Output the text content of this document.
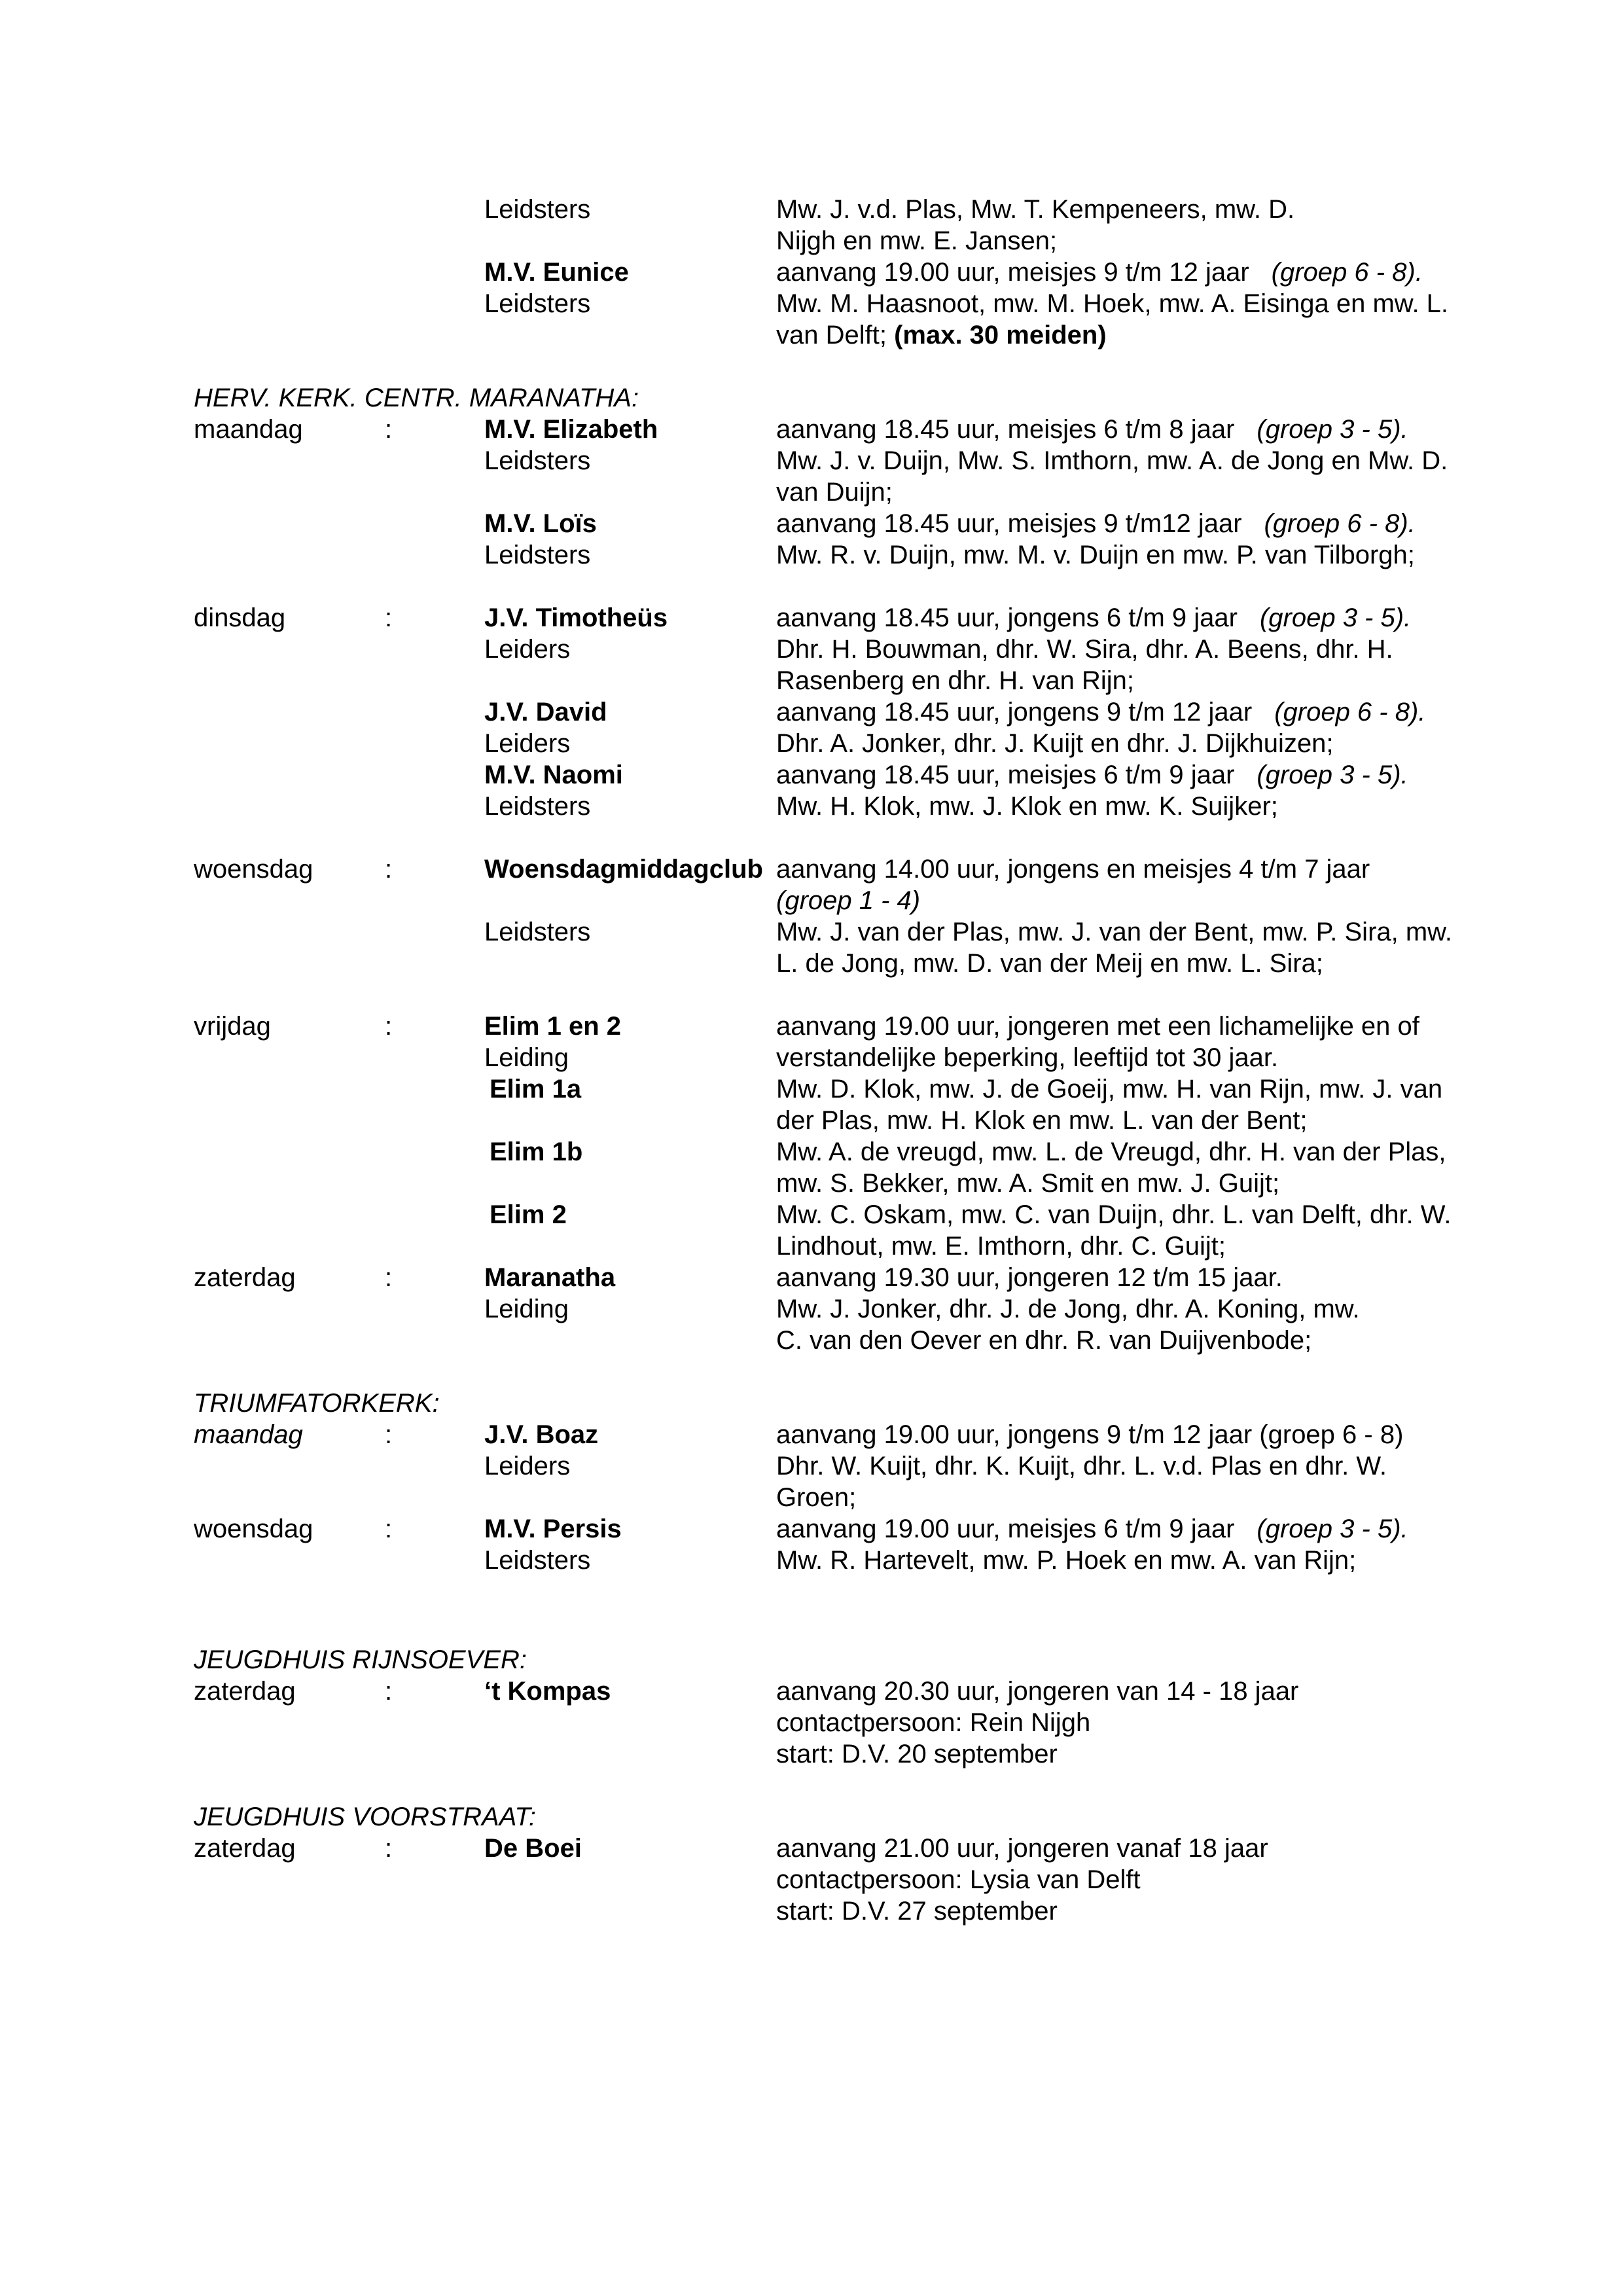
Leidsters	Mw. J. v.d. Plas, Mw. T. Kempeneers, mw. D.
Nijgh en mw. E. Jansen;
M.V. Eunice	aanvang 19.00 uur, meisjes 9 t/m 12 jaar (groep 6 - 8).
Leidsters	Mw. M. Haasnoot, mw. M. Hoek, mw. A. Eisinga en mw. L.
van Delft; (max. 30 meiden)
HERV. KERK. CENTR. MARANATHA:
maandag	:	M.V. Elizabeth	aanvang 18.45 uur, meisjes 6 t/m 8 jaar (groep 3 - 5).
Leidsters	Mw. J. v. Duijn, Mw. S. Imthorn, mw. A. de Jong en Mw. D.
van Duijn;
M.V. Loïs	aanvang 18.45 uur, meisjes 9 t/m12 jaar (groep 6 - 8).
Leidsters	Mw. R. v. Duijn, mw. M. v. Duijn en mw. P. van Tilborgh;
dinsdag	:	J.V. Timotheüs	aanvang 18.45 uur, jongens 6 t/m 9 jaar (groep 3 - 5).
Leiders	Dhr. H. Bouwman, dhr. W. Sira, dhr. A. Beens, dhr. H.
Rasenberg en dhr. H. van Rijn;
J.V. David	aanvang 18.45 uur, jongens 9 t/m 12 jaar (groep 6 - 8).
Leiders	Dhr. A. Jonker, dhr. J. Kuijt en dhr. J. Dijkhuizen;
M.V. Naomi	aanvang 18.45 uur, meisjes 6 t/m 9 jaar (groep 3 - 5).
Leidsters	Mw. H. Klok, mw. J. Klok en mw. K. Suijker;
woensdag	:	Woensdagmiddagclub aanvang 14.00 uur, jongens en meisjes 4 t/m 7 jaar
(groep 1 - 4)
Leidsters	Mw. J. van der Plas, mw. J. van der Bent, mw. P. Sira, mw.
L. de Jong, mw. D. van der Meij en mw. L. Sira;
vrijdag	:	Elim 1 en 2	aanvang 19.00 uur, jongeren met een lichamelijke en of
Leiding	verstandelijke beperking, leeftijd tot 30 jaar.
Elim 1a	Mw. D. Klok, mw. J. de Goeij, mw. H. van Rijn, mw. J. van
der Plas, mw. H. Klok en mw. L. van der Bent;
Elim 1b	Mw. A. de vreugd, mw. L. de Vreugd, dhr. H. van der Plas,
mw. S. Bekker, mw. A. Smit en mw. J. Guijt;
Elim 2	Mw. C. Oskam, mw. C. van Duijn, dhr. L. van Delft, dhr. W.
Lindhout, mw. E. Imthorn, dhr. C. Guijt;
zaterdag	:	Maranatha	aanvang 19.30 uur, jongeren 12 t/m 15 jaar.
Leiding	Mw. J. Jonker, dhr. J. de Jong, dhr. A. Koning, mw.
C. van den Oever en dhr. R. van Duijvenbode;
TRIUMFATORKERK:
maandag	:	J.V. Boaz	aanvang 19.00 uur, jongens 9 t/m 12 jaar (groep 6 - 8)
Leiders	Dhr. W. Kuijt, dhr. K. Kuijt, dhr. L. v.d. Plas en dhr. W.
Groen;
woensdag	:	M.V. Persis	aanvang 19.00 uur, meisjes 6 t/m 9 jaar (groep 3 - 5).
Leidsters	Mw. R. Hartevelt, mw. P. Hoek en mw. A. van Rijn;
JEUGDHUIS RIJNSOEVER:
zaterdag	:	‘t Kompas	aanvang 20.30 uur, jongeren van 14 - 18 jaar
contactpersoon: Rein Nijgh
start: D.V. 20 september
JEUGDHUIS VOORSTRAAT:
zaterdag	:	De Boei	aanvang 21.00 uur, jongeren vanaf 18 jaar
contactpersoon: Lysia van Delft
start: D.V. 27 september
